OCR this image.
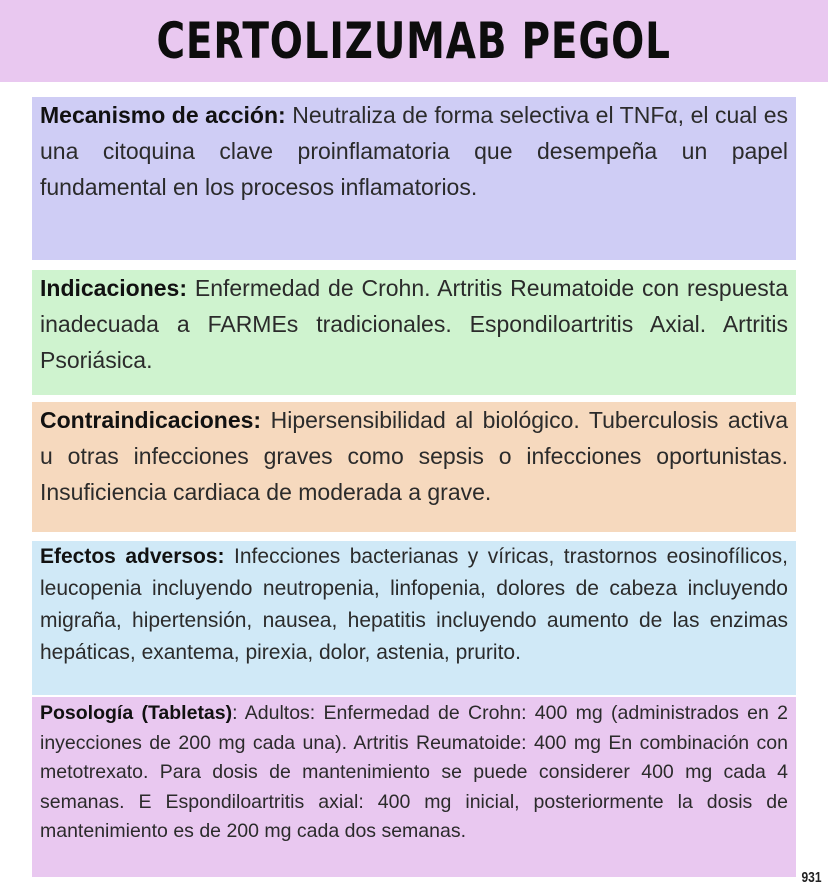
CERTOLIZUMAB PEGOL
Mecanismo de acción: Neutraliza de forma selectiva el TNFα, el cual es una citoquina clave proinflamatoria que desempeña un papel fundamental en los procesos inflamatorios.
Indicaciones: Enfermedad de Crohn. Artritis Reumatoide con respuesta inadecuada a FARMEs tradicionales. Espondiloartritis Axial. Artritis Psoriásica.
Contraindicaciones: Hipersensibilidad al biológico. Tuberculosis activa u otras infecciones graves como sepsis o infecciones oportunistas. Insuficiencia cardiaca de moderada a grave.
Efectos adversos: Infecciones bacterianas y víricas, trastornos eosinofílicos, leucopenia incluyendo neutropenia, linfopenia, dolores de cabeza incluyendo migraña, hipertensión, nausea, hepatitis incluyendo aumento de las enzimas hepáticas, exantema, pirexia, dolor, astenia, prurito.
Posología (Tabletas): Adultos: Enfermedad de Crohn: 400 mg (administrados en 2 inyecciones de 200 mg cada una). Artritis Reumatoide: 400 mg En combinación con metotrexato. Para dosis de mantenimiento se puede considerer 400 mg cada 4 semanas. E Espondiloartritis axial: 400 mg inicial, posteriormente la dosis de mantenimiento es de 200 mg cada dos semanas.
931
